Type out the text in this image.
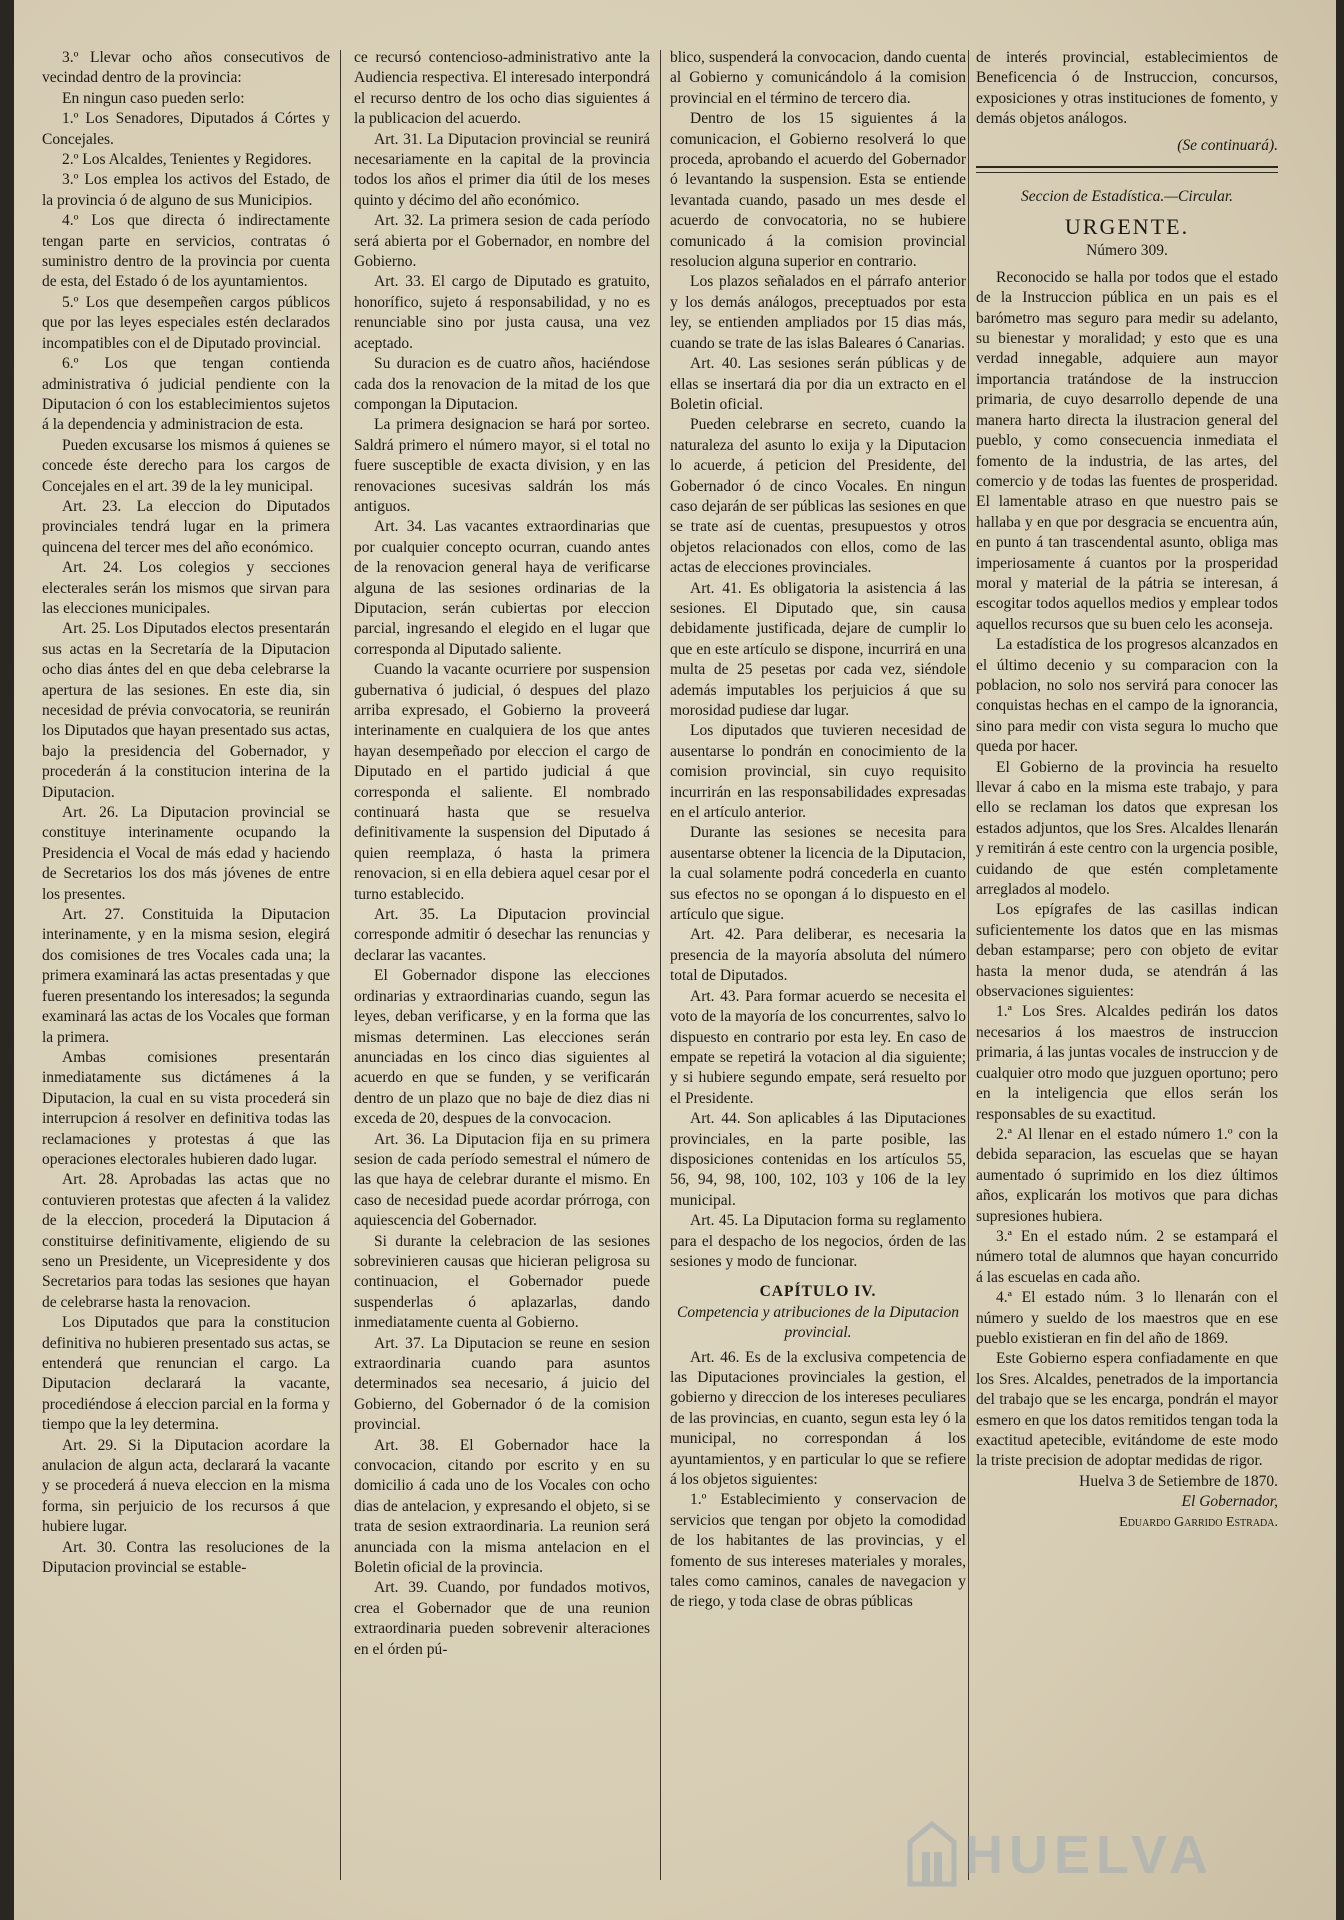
3.º Llevar ocho años consecutivos de vecindad dentro de la provincia:

En ningun caso pueden serlo:

1.º Los Senadores, Diputados á Córtes y Concejales.

2.º Los Alcaldes, Tenientes y Regidores.

3.º Los emplea los activos del Estado, de la provincia ó de alguno de sus Municipios.

4.º Los que directa ó indirectamente tengan parte en servicios, contratas ó suministro dentro de la provincia por cuenta de esta, del Estado ó de los ayuntamientos.

5.º Los que desempeñen cargos públicos que por las leyes especiales estén declarados incompatibles con el de Diputado provincial.

6.º Los que tengan contienda administrativa ó judicial pendiente con la Diputacion ó con los establecimientos sujetos á la dependencia y administracion de esta.

Pueden excusarse los mismos á quienes se concede éste derecho para los cargos de Concejales en el art. 39 de la ley municipal.

Art. 23. La eleccion do Diputados provinciales tendrá lugar en la primera quincena del tercer mes del año económico.

Art. 24. Los colegios y secciones electerales serán los mismos que sirvan para las elecciones municipales.

Art. 25. Los Diputados electos presentarán sus actas en la Secretaría de la Diputacion ocho dias ántes del en que deba celebrarse la apertura de las sesiones. En este dia, sin necesidad de prévia convocatoria, se reunirán los Diputados que hayan presentado sus actas, bajo la presidencia del Gobernador, y procederán á la constitucion interina de la Diputacion.

Art. 26. La Diputacion provincial se constituye interinamente ocupando la Presidencia el Vocal de más edad y haciendo de Secretarios los dos más jóvenes de entre los presentes.

Art. 27. Constituida la Diputacion interinamente, y en la misma sesion, elegirá dos comisiones de tres Vocales cada una; la primera examinará las actas presentadas y que fueren presentando los interesados; la segunda examinará las actas de los Vocales que forman la primera.

Ambas comisiones presentarán inmediatamente sus dictámenes á la Diputacion, la cual en su vista procederá sin interrupcion á resolver en definitiva todas las reclamaciones y protestas á que las operaciones electorales hubieren dado lugar.

Art. 28. Aprobadas las actas que no contuvieren protestas que afecten á la validez de la eleccion, procederá la Diputacion á constituirse definitivamente, eligiendo de su seno un Presidente, un Vicepresidente y dos Secretarios para todas las sesiones que hayan de celebrarse hasta la renovacion.

Los Diputados que para la constitucion definitiva no hubieren presentado sus actas, se entenderá que renuncian el cargo. La Diputacion declarará la vacante, procediéndose á eleccion parcial en la forma y tiempo que la ley determina.

Art. 29. Si la Diputacion acordare la anulacion de algun acta, declarará la vacante y se procederá á nueva eleccion en la misma forma, sin perjuicio de los recursos á que hubiere lugar.

Art. 30. Contra las resoluciones de la Diputacion provincial se estable-

ce recursó contencioso-administrativo ante la Audiencia respectiva. El interesado interpondrá el recurso dentro de los ocho dias siguientes á la publicacion del acuerdo.

Art. 31. La Diputacion provincial se reunirá necesariamente en la capital de la provincia todos los años el primer dia útil de los meses quinto y décimo del año económico.

Art. 32. La primera sesion de cada período será abierta por el Gobernador, en nombre del Gobierno.

Art. 33. El cargo de Diputado es gratuito, honorífico, sujeto á responsabilidad, y no es renunciable sino por justa causa, una vez aceptado.

Su duracion es de cuatro años, haciéndose cada dos la renovacion de la mitad de los que compongan la Diputacion.

La primera designacion se hará por sorteo. Saldrá primero el número mayor, si el total no fuere susceptible de exacta division, y en las renovaciones sucesivas saldrán los más antiguos.

Art. 34. Las vacantes extraordinarias que por cualquier concepto ocurran, cuando antes de la renovacion general haya de verificarse alguna de las sesiones ordinarias de la Diputacion, serán cubiertas por eleccion parcial, ingresando el elegido en el lugar que corresponda al Diputado saliente.

Cuando la vacante ocurriere por suspension gubernativa ó judicial, ó despues del plazo arriba expresado, el Gobierno la proveerá interinamente en cualquiera de los que antes hayan desempeñado por eleccion el cargo de Diputado en el partido judicial á que corresponda el saliente. El nombrado continuará hasta que se resuelva definitivamente la suspension del Diputado á quien reemplaza, ó hasta la primera renovacion, si en ella debiera aquel cesar por el turno establecido.

Art. 35. La Diputacion provincial corresponde admitir ó desechar las renuncias y declarar las vacantes.

El Gobernador dispone las elecciones ordinarias y extraordinarias cuando, segun las leyes, deban verificarse, y en la forma que las mismas determinen. Las elecciones serán anunciadas en los cinco dias siguientes al acuerdo en que se funden, y se verificarán dentro de un plazo que no baje de diez dias ni exceda de 20, despues de la convocacion.

Art. 36. La Diputacion fija en su primera sesion de cada período semestral el número de las que haya de celebrar durante el mismo. En caso de necesidad puede acordar prórroga, con aquiescencia del Gobernador.

Si durante la celebracion de las sesiones sobrevinieren causas que hicieran peligrosa su continuacion, el Gobernador puede suspenderlas ó aplazarlas, dando inmediatamente cuenta al Gobierno.

Art. 37. La Diputacion se reune en sesion extraordinaria cuando para asuntos determinados sea necesario, á juicio del Gobierno, del Gobernador ó de la comision provincial.

Art. 38. El Gobernador hace la convocacion, citando por escrito y en su domicilio á cada uno de los Vocales con ocho dias de antelacion, y expresando el objeto, si se trata de sesion extraordinaria. La reunion será anunciada con la misma antelacion en el Boletin oficial de la provincia.

Art. 39. Cuando, por fundados motivos, crea el Gobernador que de una reunion extraordinaria pueden sobrevenir alteraciones en el órden pú-

blico, suspenderá la convocacion, dando cuenta al Gobierno y comunicándolo á la comision provincial en el término de tercero dia.

Dentro de los 15 siguientes á la comunicacion, el Gobierno resolverá lo que proceda, aprobando el acuerdo del Gobernador ó levantando la suspension. Esta se entiende levantada cuando, pasado un mes desde el acuerdo de convocatoria, no se hubiere comunicado á la comision provincial resolucion alguna superior en contrario.

Los plazos señalados en el párrafo anterior y los demás análogos, preceptuados por esta ley, se entienden ampliados por 15 dias más, cuando se trate de las islas Baleares ó Canarias.

Art. 40. Las sesiones serán públicas y de ellas se insertará dia por dia un extracto en el Boletin oficial.

Pueden celebrarse en secreto, cuando la naturaleza del asunto lo exija y la Diputacion lo acuerde, á peticion del Presidente, del Gobernador ó de cinco Vocales. En ningun caso dejarán de ser públicas las sesiones en que se trate así de cuentas, presupuestos y otros objetos relacionados con ellos, como de las actas de elecciones provinciales.

Art. 41. Es obligatoria la asistencia á las sesiones. El Diputado que, sin causa debidamente justificada, dejare de cumplir lo que en este artículo se dispone, incurrirá en una multa de 25 pesetas por cada vez, siéndole además imputables los perjuicios á que su morosidad pudiese dar lugar.

Los diputados que tuvieren necesidad de ausentarse lo pondrán en conocimiento de la comision provincial, sin cuyo requisito incurrirán en las responsabilidades expresadas en el artículo anterior.

Durante las sesiones se necesita para ausentarse obtener la licencia de la Diputacion, la cual solamente podrá concederla en cuanto sus efectos no se opongan á lo dispuesto en el artículo que sigue.

Art. 42. Para deliberar, es necesaria la presencia de la mayoría absoluta del número total de Diputados.

Art. 43. Para formar acuerdo se necesita el voto de la mayoría de los concurrentes, salvo lo dispuesto en contrario por esta ley. En caso de empate se repetirá la votacion al dia siguiente; y si hubiere segundo empate, será resuelto por el Presidente.

Art. 44. Son aplicables á las Diputaciones provinciales, en la parte posible, las disposiciones contenidas en los artículos 55, 56, 94, 98, 100, 102, 103 y 106 de la ley municipal.

Art. 45. La Diputacion forma su reglamento para el despacho de los negocios, órden de las sesiones y modo de funcionar.

CAPÍTULO IV.

Competencia y atribuciones de la Diputacion provincial.

Art. 46. Es de la exclusiva competencia de las Diputaciones provinciales la gestion, el gobierno y direccion de los intereses peculiares de las provincias, en cuanto, segun esta ley ó la municipal, no correspondan á los ayuntamientos, y en particular lo que se refiere á los objetos siguientes:

1.º Establecimiento y conservacion de servicios que tengan por objeto la comodidad de los habitantes de las provincias, y el fomento de sus intereses materiales y morales, tales como caminos, canales de navegacion y de riego, y toda clase de obras públicas

de interés provincial, establecimientos de Beneficencia ó de Instruccion, concursos, exposiciones y otras instituciones de fomento, y demás objetos análogos.

(Se continuará).

Seccion de Estadística.—Circular.

URGENTE.

Número 309.

Reconocido se halla por todos que el estado de la Instruccion pública en un pais es el barómetro mas seguro para medir su adelanto, su bienestar y moralidad; y esto que es una verdad innegable, adquiere aun mayor importancia tratándose de la instruccion primaria, de cuyo desarrollo depende de una manera harto directa la ilustracion general del pueblo, y como consecuencia inmediata el fomento de la industria, de las artes, del comercio y de todas las fuentes de prosperidad. El lamentable atraso en que nuestro pais se hallaba y en que por desgracia se encuentra aún, en punto á tan trascendental asunto, obliga mas imperiosamente á cuantos por la prosperidad moral y material de la pátria se interesan, á escogitar todos aquellos medios y emplear todos aquellos recursos que su buen celo les aconseja.

La estadística de los progresos alcanzados en el último decenio y su comparacion con la poblacion, no solo nos servirá para conocer las conquistas hechas en el campo de la ignorancia, sino para medir con vista segura lo mucho que queda por hacer.

El Gobierno de la provincia ha resuelto llevar á cabo en la misma este trabajo, y para ello se reclaman los datos que expresan los estados adjuntos, que los Sres. Alcaldes llenarán y remitirán á este centro con la urgencia posible, cuidando de que estén completamente arreglados al modelo.

Los epígrafes de las casillas indican suficientemente los datos que en las mismas deban estamparse; pero con objeto de evitar hasta la menor duda, se atendrán á las observaciones siguientes:

1.ª Los Sres. Alcaldes pedirán los datos necesarios á los maestros de instruccion primaria, á las juntas vocales de instruccion y de cualquier otro modo que juzguen oportuno; pero en la inteligencia que ellos serán los responsables de su exactitud.

2.ª Al llenar en el estado número 1.º con la debida separacion, las escuelas que se hayan aumentado ó suprimido en los diez últimos años, explicarán los motivos que para dichas supresiones hubiera.

3.ª En el estado núm. 2 se estampará el número total de alumnos que hayan concurrido á las escuelas en cada año.

4.ª El estado núm. 3 lo llenarán con el número y sueldo de los maestros que en ese pueblo existieran en fin del año de 1869.

Este Gobierno espera confiadamente en que los Sres. Alcaldes, penetrados de la importancia del trabajo que se les encarga, pondrán el mayor esmero en que los datos remitidos tengan toda la exactitud apetecible, evitándome de este modo la triste precision de adoptar medidas de rigor.

Huelva 3 de Setiembre de 1870.

El Gobernador,

Eduardo Garrido Estrada.

HUELVA
